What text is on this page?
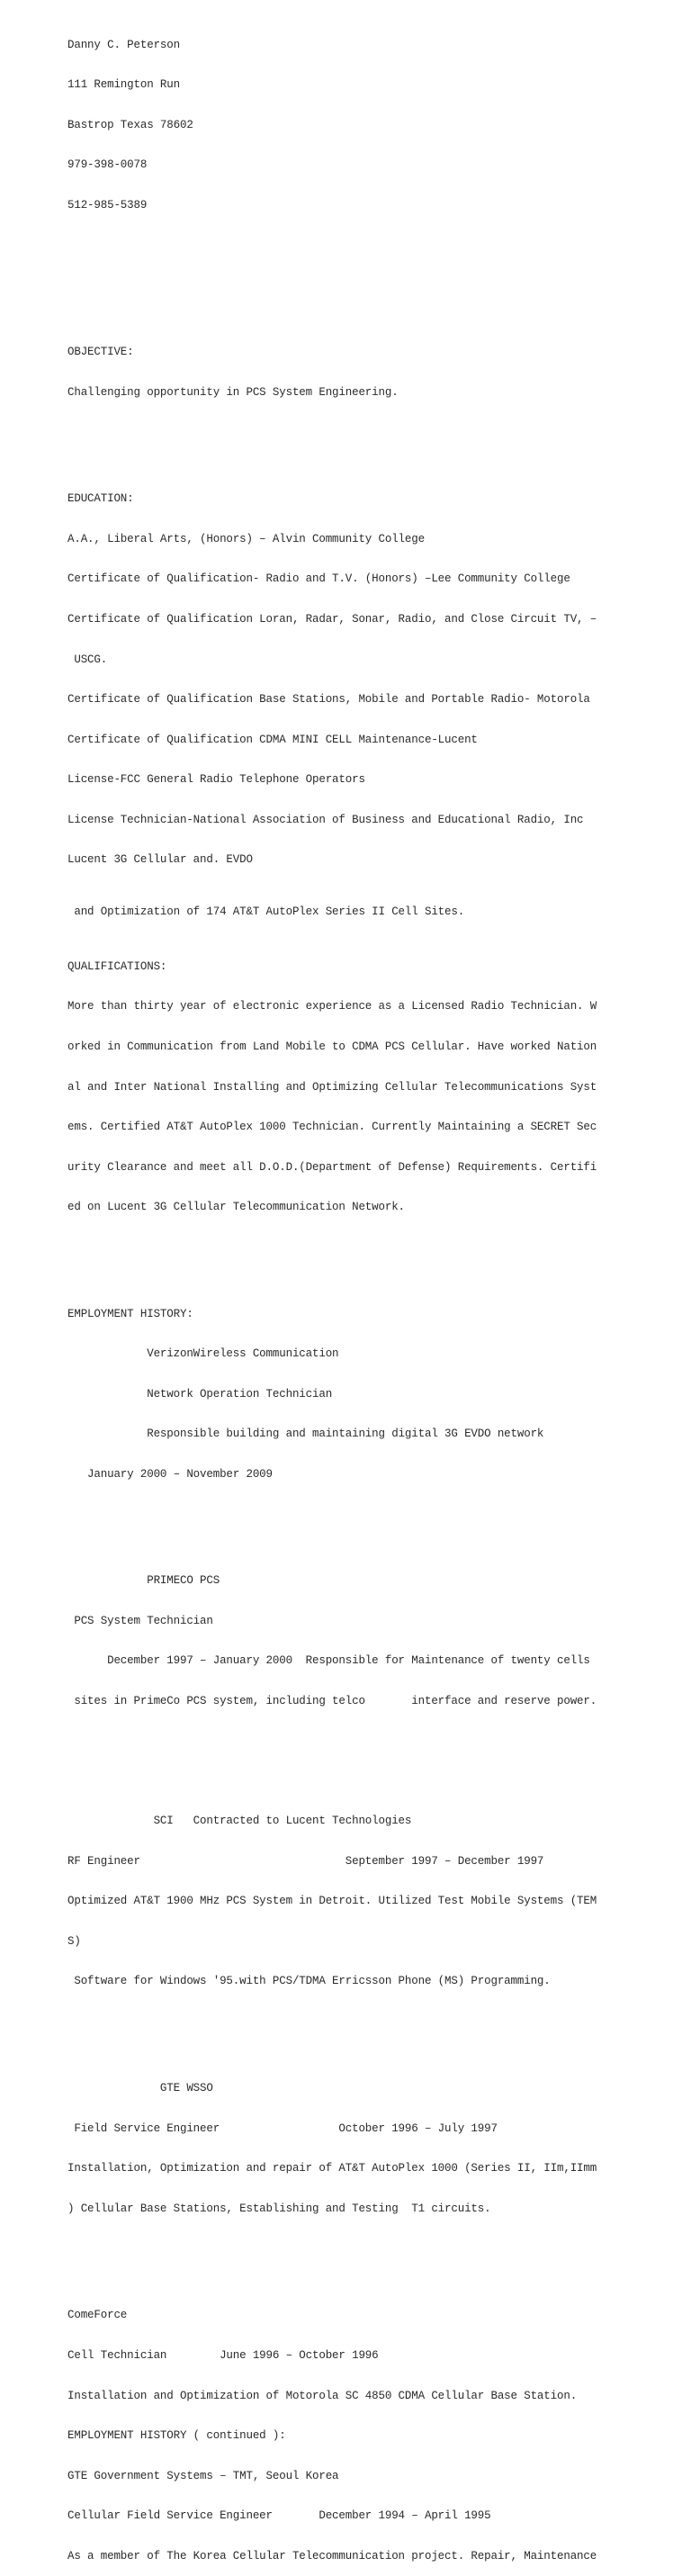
Danny C. Peterson

111 Remington Run

Bastrop Texas 78602

979-398-0078

512-985-5389

OBJECTIVE:

Challenging opportunity in PCS System Engineering.

EDUCATION:

A.A., Liberal Arts, (Honors) – Alvin Community College

Certificate of Qualification- Radio and T.V. (Honors) –Lee Community College

Certificate of Qualification Loran, Radar, Sonar, Radio, and Close Circuit TV, –

USCG.

Certificate of Qualification Base Stations, Mobile and Portable Radio- Motorola

Certificate of Qualification CDMA MINI CELL Maintenance-Lucent

License-FCC General Radio Telephone Operators

License Technician-National Association of Business and Educational Radio, Inc

Lucent 3G Cellular and. EVDO

QUALIFICATIONS:

More than thirty year of electronic experience as a Licensed Radio Technician. W

orked in Communication from Land Mobile to CDMA PCS Cellular. Have worked Nation

al and Inter National Installing and Optimizing Cellular Telecommunications Syst

ems. Certified AT&T AutoPlex 1000 Technician. Currently Maintaining a SECRET Sec

urity Clearance and meet all D.O.D.(Department of Defense) Requirements. Certifi

ed on Lucent 3G Cellular Telecommunication Network.

EMPLOYMENT HISTORY:

VerizonWireless Communication

Network Operation Technician

Responsible building and maintaining digital 3G EVDO network

January 2000 – November 2009

PRIMECO PCS

PCS System Technician

December 1997 – January 2000  Responsible for Maintenance of twenty cells

sites in PrimeCo PCS system, including telco       interface and reserve power.

SCI   Contracted to Lucent Technologies

RF Engineer                               September 1997 – December 1997

Optimized AT&T 1900 MHz PCS System in Detroit. Utilized Test Mobile Systems (TEM

S)

Software for Windows '95.with PCS/TDMA Erricsson Phone (MS) Programming.

GTE WSSO

Field Service Engineer                  October 1996 – July 1997

Installation, Optimization and repair of AT&T AutoPlex 1000 (Series II, IIm,IImm

) Cellular Base Stations, Establishing and Testing  T1 circuits.

ComeForce

Cell Technician        June 1996 – October 1996

Installation and Optimization of Motorola SC 4850 CDMA Cellular Base Station.

EMPLOYMENT HISTORY ( continued ):

GTE Government Systems – TMT, Seoul Korea

Cellular Field Service Engineer       December 1994 – April 1995

As a member of The Korea Cellular Telecommunication project. Repair, Maintenance

and Optimization of 174 AT&T AutoPlex Series II Cell Sites.
